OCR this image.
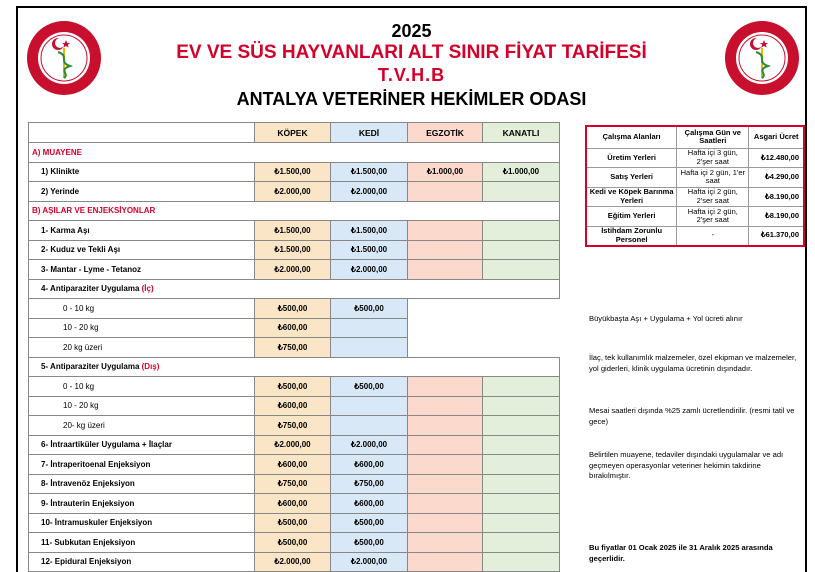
1960
2025
EV VE SÜS HAYVANLARI ALT SINIR FİYAT TARİFESİ
T.V.H.B
ANTALYA VETERİNER HEKİMLER ODASI
1960
	KÖPEK	KEDİ	EGZOTİK	KANATLI
A) MUAYENE				
1) Klinikte	₺1.500,00	₺1.500,00	₺1.000,00	₺1.000,00
2) Yerinde	₺2.000,00	₺2.000,00		
B) AŞILAR VE ENJEKSİYONLAR				
1- Karma Aşı	₺1.500,00	₺1.500,00		
2- Kuduz ve Tekli Aşı	₺1.500,00	₺1.500,00		
3- Mantar - Lyme - Tetanoz	₺2.000,00	₺2.000,00		
4- Antiparaziter Uygulama (İç)				
0 - 10 kg	₺500,00	₺500,00		
10 - 20 kg	₺600,00			
20 kg üzeri	₺750,00			
5- Antiparaziter Uygulama (Dış)				
0 - 10 kg	₺500,00	₺500,00		
10 - 20 kg	₺600,00			
20- kg üzeri	₺750,00			
6- İntraartiküler Uygulama + İlaçlar	₺2.000,00	₺2.000,00		
7- İntraperitoenal Enjeksiyon	₺600,00	₺600,00		
8- İntravenöz Enjeksiyon	₺750,00	₺750,00		
9- İntrauterin Enjeksiyon	₺600,00	₺600,00		
10- İntramuskuler Enjeksiyon	₺500,00	₺500,00		
11- Subkutan Enjeksiyon	₺500,00	₺500,00		
12- Epidural Enjeksiyon	₺2.000,00	₺2.000,00		
Çalışma Alanları	Çalışma Gün ve Saatleri	Asgari Ücret
Üretim Yerleri	Hafta içi 3 gün, 2'şer saat	₺12.480,00
Satış Yerleri	Hafta içi 2 gün, 1'er saat	₺4.290,00
Kedi ve Köpek Barınma Yerleri	Hafta içi 2 gün, 2'ser saat	₺8.190,00
Eğitim Yerleri	Hafta içi 2 gün, 2'şer saat	₺8.190,00
İstihdam Zorunlu Personel	-	₺61.370,00
Büyükbaşta Aşı + Uygulama + Yol ücreti alınır
İlaç, tek kullanımlık malzemeler, özel ekipman ve malzemeler, yol giderleri, klinik uygulama ücretinin dışındadır.
Mesai saatleri dışında %25 zamlı ücretlendirilir. (resmi tatil ve gece)
Belirtilen muayene, tedaviler dışındaki uygulamalar ve adı geçmeyen operasyonlar veteriner hekimin takdirine bırakılmıştır.
Bu fiyatlar 01 Ocak 2025 ile 31 Aralık 2025 arasında geçerlidir.
